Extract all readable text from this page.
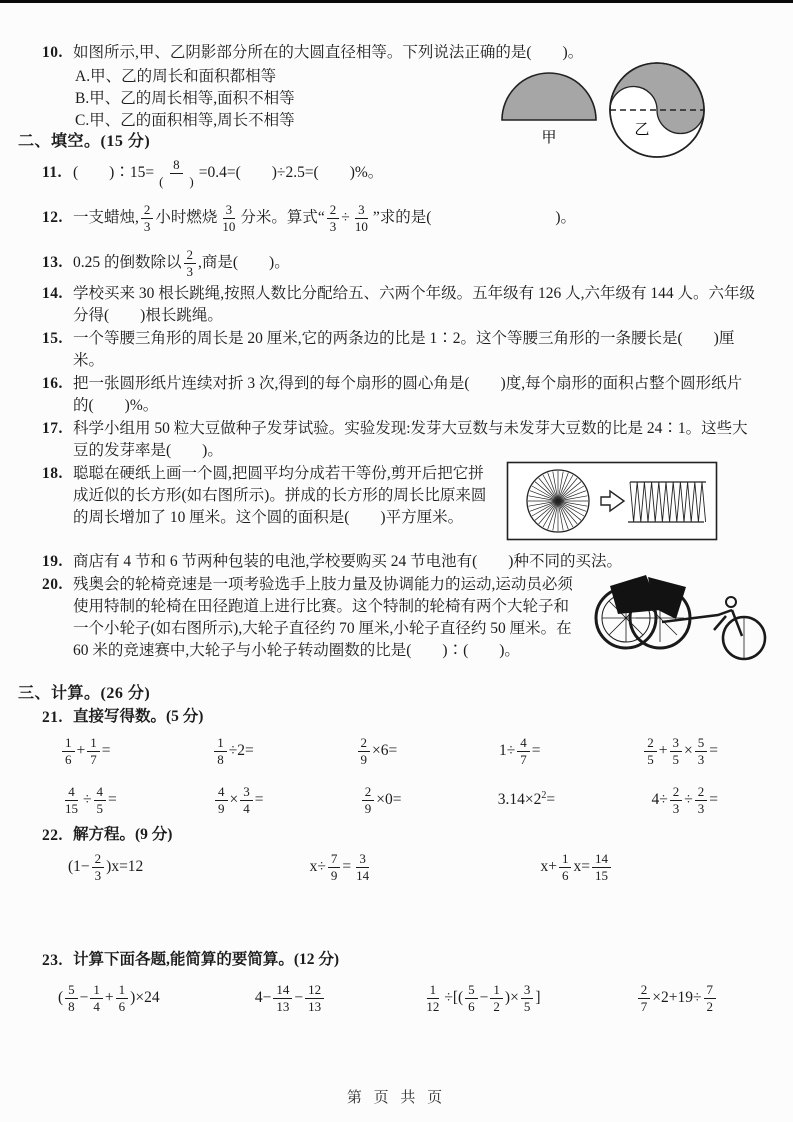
10. 如图所示,甲、乙阴影部分所在的大圆直径相等。下列说法正确的是(　　)。
A.甲、乙的周长和面积都相等
B.甲、乙的周长相等,面积不相等
C.甲、乙的面积相等,周长不相等
甲	乙
二、填空。(15 分)
11. (　　)∶15= $\frac{8}{( )} =0.4=$(　　)÷2.5=(　　)%。
12. 一支蜡烛, $\frac{2}{3}$ 小时燃烧 $\frac{3}{10}$ 分米。算式“ $\frac{2}{3} \div \frac{3}{10}$ ”求的是(　　　　　　　　)。
13. 0.25 的倒数除以 $\frac{2}{3}$ ,商是(　　)。
14. 学校买来 30 根长跳绳,按照人数比分配给五、六两个年级。五年级有 126 人,六年级有 144 人。六年级分得(　　)根长跳绳。
15. 一个等腰三角形的周长是 20 厘米,它的两条边的比是 1∶2。这个等腰三角形的一条腰长是(　　)厘米。
16. 把一张圆形纸片连续对折 3 次,得到的每个扇形的圆心角是(　　)度,每个扇形的面积占整个圆形纸片的(　　)%。
17. 科学小组用 50 粒大豆做种子发芽试验。实验发现:发芽大豆数与未发芽大豆数的比是 24∶1。这些大豆的发芽率是(　　)。
18. 聪聪在硬纸上画一个圆,把圆平均分成若干等份,剪开后把它拼成近似的长方形(如右图所示)。拼成的长方形的周长比原来圆的周长增加了 10 厘米。这个圆的面积是(　　)平方厘米。
19. 商店有 4 节和 6 节两种包装的电池,学校要购买 24 节电池有(　　)种不同的买法。
20. 残奥会的轮椅竞速是一项考验选手上肢力量及协调能力的运动,运动员必须使用特制的轮椅在田径跑道上进行比赛。这个特制的轮椅有两个大轮子和一个小轮子(如右图所示),大轮子直径约 70 厘米,小轮子直径约 50 厘米。在 60 米的竞速赛中,大轮子与小轮子转动圈数的比是(　　)∶(　　)。
三、计算。(26 分)
21. 直接写得数。(5 分)
$\frac{1}{6} + \frac{1}{7}$ =	$\frac{1}{8} \div 2=$	$\frac{2}{9} \times 6=$	$1\div \frac{4}{7}$ =	$\frac{2}{5} + \frac{3}{5} \times \frac{5}{3}$ =
$\frac{4}{15} \div \frac{4}{5}$ =	$\frac{4}{9} \times \frac{3}{4}$ =	$\frac{2}{9} \times 0=$	$3.14\times 2^2=$	$4\div \frac{2}{3} \div \frac{2}{3}$ =
22. 解方程。(9 分)
$(1- \frac{2}{3} )x=12$	$x\div \frac{7}{9} = \frac{3}{14}$	$x+ \frac{1}{6} x= \frac{14}{15}$
23. 计算下面各题,能简算的要简算。(12 分)
( $\frac{5}{8} - \frac{1}{4} + \frac{1}{6} )\times 24$	$4- \frac{14}{13} - \frac{12}{13}$	$\frac{1}{12}$ ÷[( $\frac{5}{6} - \frac{1}{2}$ )× $\frac{3}{5}$ ]	$\frac{2}{7} \times 2+19\div \frac{7}{2}$
第 页 共 页
